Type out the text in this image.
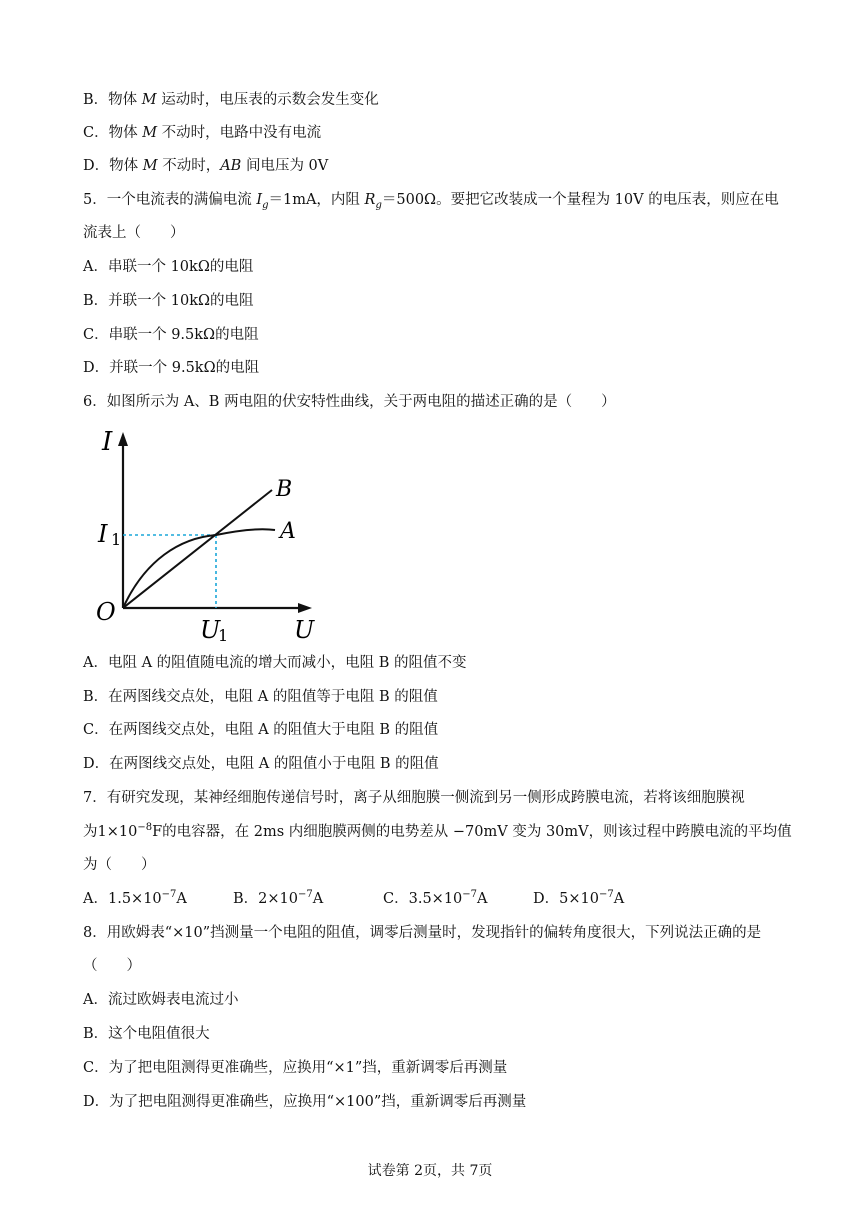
B．物体 M 运动时，电压表的示数会发生变化
C．物体 M 不动时，电路中没有电流
D．物体 M 不动时，AB 间电压为 0V
5．一个电流表的满偏电流 $I_g=1mA$，内阻 $R_g=500\Omega$。要把它改装成一个量程为 10V 的电压表，则应在电
流表上（　　）
A．串联一个 10kΩ的电阻
B．并联一个 10kΩ的电阻
C．串联一个 9.5kΩ的电阻
D．并联一个 9.5kΩ的电阻
6．如图所示为 A、B 两电阻的伏安特性曲线，关于两电阻的描述正确的是（　　）
I
O
U
I 1
U
1
B
A
A．电阻 A 的阻值随电流的增大而减小，电阻 B 的阻值不变
B．在两图线交点处，电阻 A 的阻值等于电阻 B 的阻值
C．在两图线交点处，电阻 A 的阻值大于电阻 B 的阻值
D．在两图线交点处，电阻 A 的阻值小于电阻 B 的阻值
7．有研究发现，某神经细胞传递信号时，离子从细胞膜一侧流到另一侧形成跨膜电流，若将该细胞膜视
为$1\times 10^{-8}F$的电容器，在 2ms 内细胞膜两侧的电势差从 −70mV 变为 30mV，则该过程中跨膜电流的平均值
为（　　）
A．$1.5\times 10^{-7}A$	B．$2\times 10^{-7}A$	C．$3.5\times 10^{-7}A$	D．$5\times 10^{-7}A$
8．用欧姆表“×10”挡测量一个电阻的阻值，调零后测量时，发现指针的偏转角度很大，下列说法正确的是
（　　）
A．流过欧姆表电流过小
B．这个电阻值很大
C．为了把电阻测得更准确些，应换用“×1”挡，重新调零后再测量
D．为了把电阻测得更准确些，应换用“×100”挡，重新调零后再测量
试卷第 2页，共 7页
